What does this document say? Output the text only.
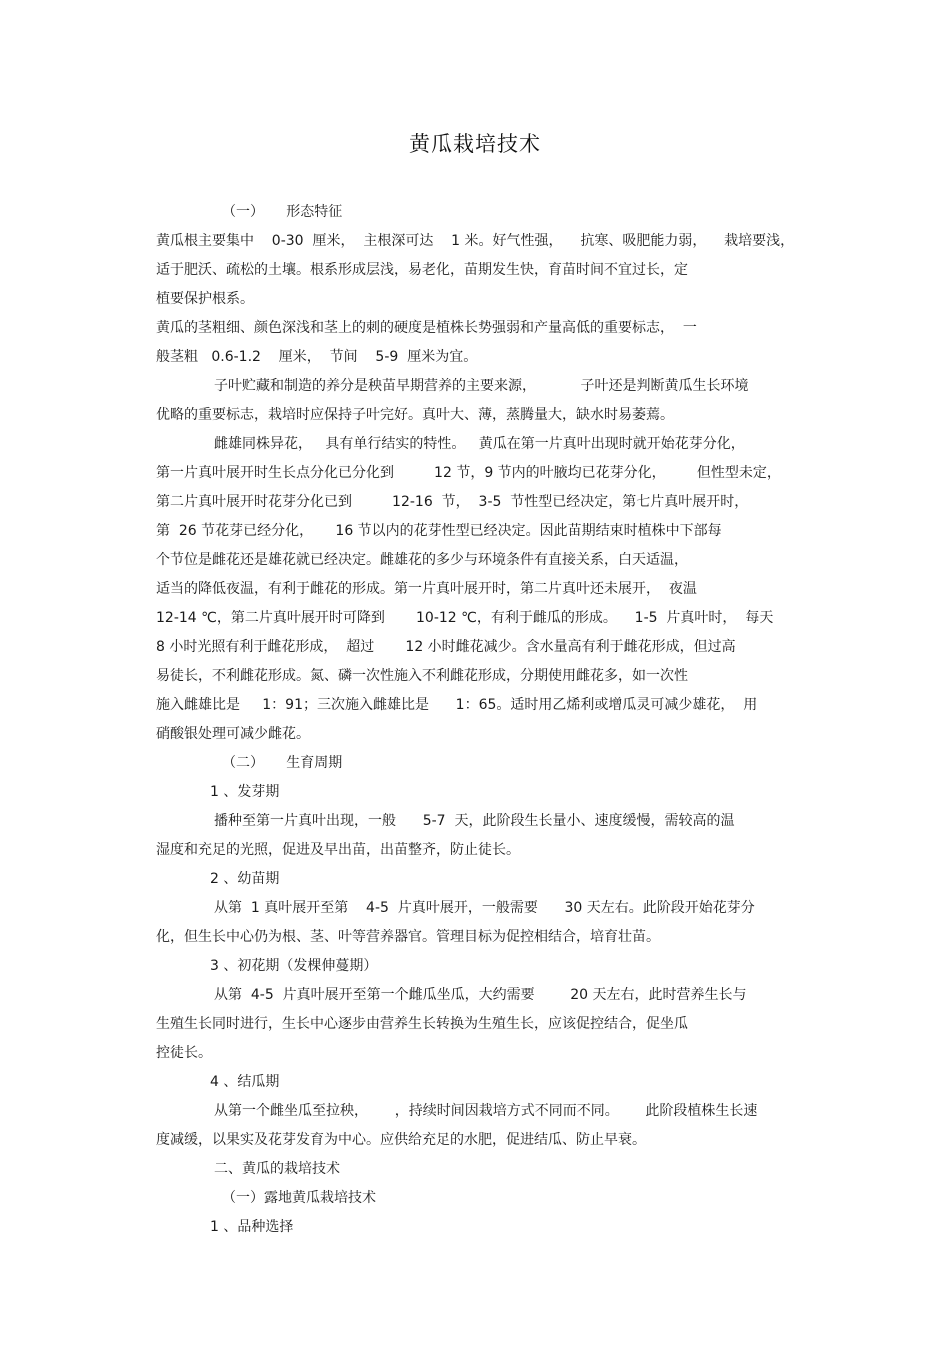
黄瓜栽培技术
（一）     形态特征
黄瓜根主要集中    0-30  厘米，  主根深可达    1 米。好气性强，    抗寒、吸肥能力弱，    栽培要浅，
适于肥沃、疏松的土壤。根系形成层浅，易老化，苗期发生快，育苗时间不宜过长，定
植要保护根系。
黄瓜的茎粗细、颜色深浅和茎上的刺的硬度是植株长势强弱和产量高低的重要标志，  一
般茎粗   0.6-1.2    厘米，  节间    5-9  厘米为宜。
子叶贮藏和制造的养分是秧苗早期营养的主要来源，          子叶还是判断黄瓜生长环境
优略的重要标志，栽培时应保持子叶完好。真叶大、薄，蒸腾量大，缺水时易萎蔫。
雌雄同株异花，   具有单行结实的特性。   黄瓜在第一片真叶出现时就开始花芽分化，
第一片真叶展开时生长点分化已分化到         12 节，9 节内的叶腋均已花芽分化，       但性型未定，
第二片真叶展开时花芽分化已到         12-16  节，  3-5  节性型已经决定，第七片真叶展开时，
第  26 节花芽已经分化，     16 节以内的花芽性型已经决定。因此苗期结束时植株中下部每
个节位是雌花还是雄花就已经决定。雌雄花的多少与环境条件有直接关系，白天适温，
适当的降低夜温，有利于雌花的形成。第一片真叶展开时，第二片真叶还未展开，  夜温
12-14 ℃，第二片真叶展开时可降到       10-12 ℃，有利于雌瓜的形成。    1-5  片真叶时，  每天
8 小时光照有利于雌花形成，  超过       12 小时雌花减少。含水量高有利于雌花形成，但过高
易徒长，不利雌花形成。氮、磷一次性施入不利雌花形成，分期使用雌花多，如一次性
施入雌雄比是     1：91；三次施入雌雄比是      1：65。适时用乙烯利或增瓜灵可减少雄花，  用
硝酸银处理可减少雌花。
（二）     生育周期
1 、发芽期
播种至第一片真叶出现，一般      5-7  天，此阶段生长量小、速度缓慢，需较高的温
湿度和充足的光照，促进及早出苗，出苗整齐，防止徒长。
2 、幼苗期
从第  1 真叶展开至第    4-5  片真叶展开，一般需要      30 天左右。此阶段开始花芽分
化，但生长中心仍为根、茎、叶等营养器官。管理目标为促控相结合，培育壮苗。
3 、初花期（发棵伸蔓期）
从第  4-5  片真叶展开至第一个雌瓜坐瓜，大约需要        20 天左右，此时营养生长与
生殖生长同时进行，生长中心逐步由营养生长转换为生殖生长，应该促控结合，促坐瓜
控徒长。
4 、结瓜期
从第一个雌坐瓜至拉秧，      ，持续时间因栽培方式不同而不同。      此阶段植株生长速
度减缓，以果实及花芽发育为中心。应供给充足的水肥，促进结瓜、防止早衰。
二、黄瓜的栽培技术
（一）露地黄瓜栽培技术
1 、品种选择
